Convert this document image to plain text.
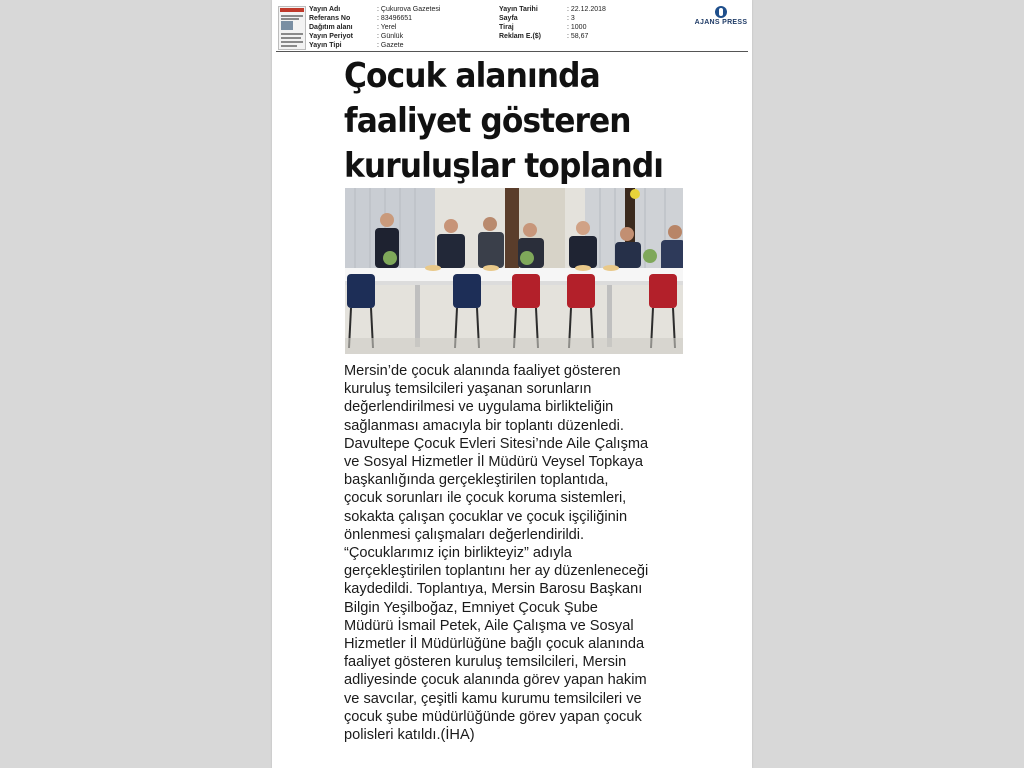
Yayın Adı	: Çukurova Gazetesi
Referans No	: 83496651
Dağıtım alanı	: Yerel
Yayın Periyot	: Günlük
Yayın Tipi	: Gazete
Yayın Tarihi	: 22.12.2018
Sayfa	: 3
Tiraj	: 1000
Reklam E.($)	: 58,67
AJANS PRESS
Çocuk alanında
faaliyet gösteren
kuruluşlar toplandı
Mersin’de çocuk alanında faaliyet gösteren
kuruluş temsilcileri yaşanan sorunların
değerlendirilmesi ve uygulama birlikteliğin
sağlanması amacıyla bir toplantı düzenledi.
Davultepe Çocuk Evleri Sitesi’nde Aile Çalışma
ve Sosyal Hizmetler İl Müdürü Veysel Topkaya
başkanlığında gerçekleştirilen toplantıda,
çocuk sorunları ile çocuk koruma sistemleri,
sokakta çalışan çocuklar ve çocuk işçiliğinin
önlenmesi çalışmaları değerlendirildi.
“Çocuklarımız için birlikteyiz” adıyla
gerçekleştirilen toplantını her ay düzenleneceği
kaydedildi. Toplantıya, Mersin Barosu Başkanı
Bilgin Yeşilboğaz, Emniyet Çocuk Şube
Müdürü İsmail Petek, Aile Çalışma ve Sosyal
Hizmetler İl Müdürlüğüne bağlı çocuk alanında
faaliyet gösteren kuruluş temsilcileri, Mersin
adliyesinde çocuk alanında görev yapan hakim
ve savcılar, çeşitli kamu kurumu temsilcileri ve
çocuk şube müdürlüğünde görev yapan çocuk
polisleri katıldı.(İHA)
